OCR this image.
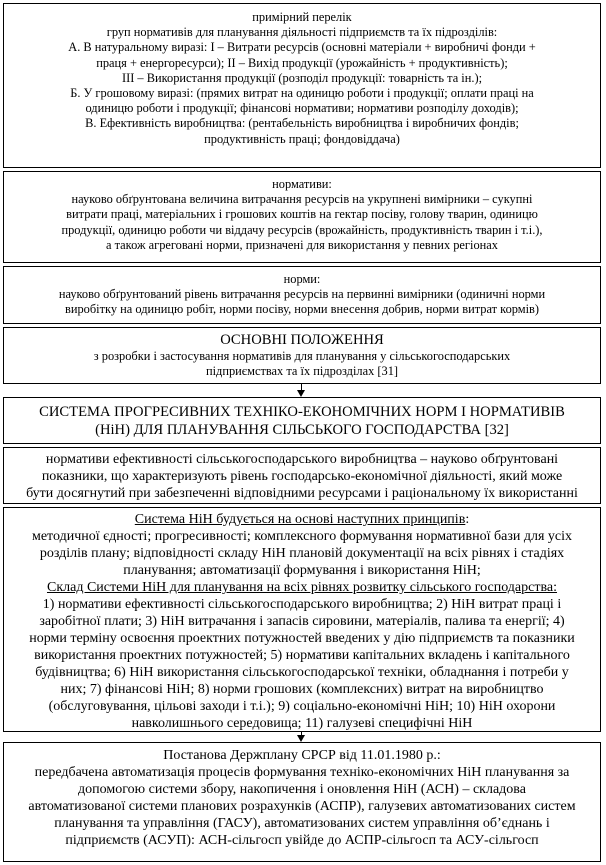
примірний перелік

груп нормативів для планування діяльності підприємств та їх підрозділів:

А. В натуральному виразі: І – Витрати ресурсів (основні матеріали + виробничі фонди +

праця + енергоресурси); ІІ – Вихід продукції (урожайність + продуктивність);

ІІІ – Використання продукції (розподіл продукції: товарність та ін.);

Б. У грошовому виразі: (прямих витрат на одиницю роботи і продукції; оплати праці на

одиницю роботи і продукції; фінансові нормативи; нормативи розподілу доходів);

В. Ефективність виробництва: (рентабельність виробництва і виробничих фондів;

продуктивність праці; фондовіддача)

нормативи:

науково обґрунтована величина витрачання ресурсів на укрупнені вимірники – сукупні

витрати праці, матеріальних і грошових коштів на гектар посіву, голову тварин, одиницю

продукції, одиницю роботи чи віддачу ресурсів (врожайність, продуктивність тварин і т.і.),

а також агреговані норми, призначені для використання у певних регіонах

норми:

науково обґрунтований рівень витрачання ресурсів на первинні вимірники (одиничні норми

виробітку на одиницю робіт, норми посіву, норми внесення добрив, норми витрат кормів)

ОСНОВНІ ПОЛОЖЕННЯ

з розробки і застосування нормативів для планування у сільськогосподарських

підприємствах та їх підрозділах [31]

СИСТЕМА ПРОГРЕСИВНИХ ТЕХНІКО-ЕКОНОМІЧНИХ НОРМ І НОРМАТИВІВ

(НіН) ДЛЯ ПЛАНУВАННЯ СІЛЬСЬКОГО ГОСПОДАРСТВА [32]

нормативи ефективності сільськогосподарського виробництва – науково обґрунтовані

показники, що характеризують рівень господарсько-економічної діяльності, який може

бути досягнутий при забезпеченні відповідними ресурсами і раціональному їх використанні

Система НіН будується на основі наступних принципів:

методичної єдності; прогресивності; комплексного формування нормативної бази для усіх

розділів плану; відповідності складу НіН плановій документації на всіх рівнях і стадіях

планування; автоматизації формування і використання НіН;

Склад Системи НіН для планування на всіх рівнях розвитку сільського господарства:

1) нормативи ефективності сільськогосподарського виробництва; 2) НіН витрат праці і

заробітної плати; 3) НіН витрачання і запасів сировини, матеріалів, палива та енергії; 4)

норми терміну освоєння проектних потужностей введених у дію підприємств та показники

використання проектних потужностей; 5) нормативи капітальних вкладень і капітального

будівництва; 6) НіН використання сільськогосподарської техніки, обладнання і потреби у

них; 7) фінансові НіН; 8) норми грошових (комплексних) витрат на виробництво

(обслуговування, цільові заходи і т.і.); 9) соціально-економічні НіН; 10) НіН охорони

навколишнього середовища; 11) галузеві специфічні НіН

Постанова Держплану СРСР від 11.01.1980 р.:

передбачена автоматизація процесів формування техніко-економічних НіН планування за

допомогою системи збору, накопичення і оновлення НіН (АСН) – складова

автоматизованої системи планових розрахунків (АСПР), галузевих автоматизованих систем

планування та управління (ГАСУ), автоматизованих систем управління об’єднань і

підприємств (АСУП): АСН-сільгосп увійде до АСПР-сільгосп та АСУ-сільгосп
